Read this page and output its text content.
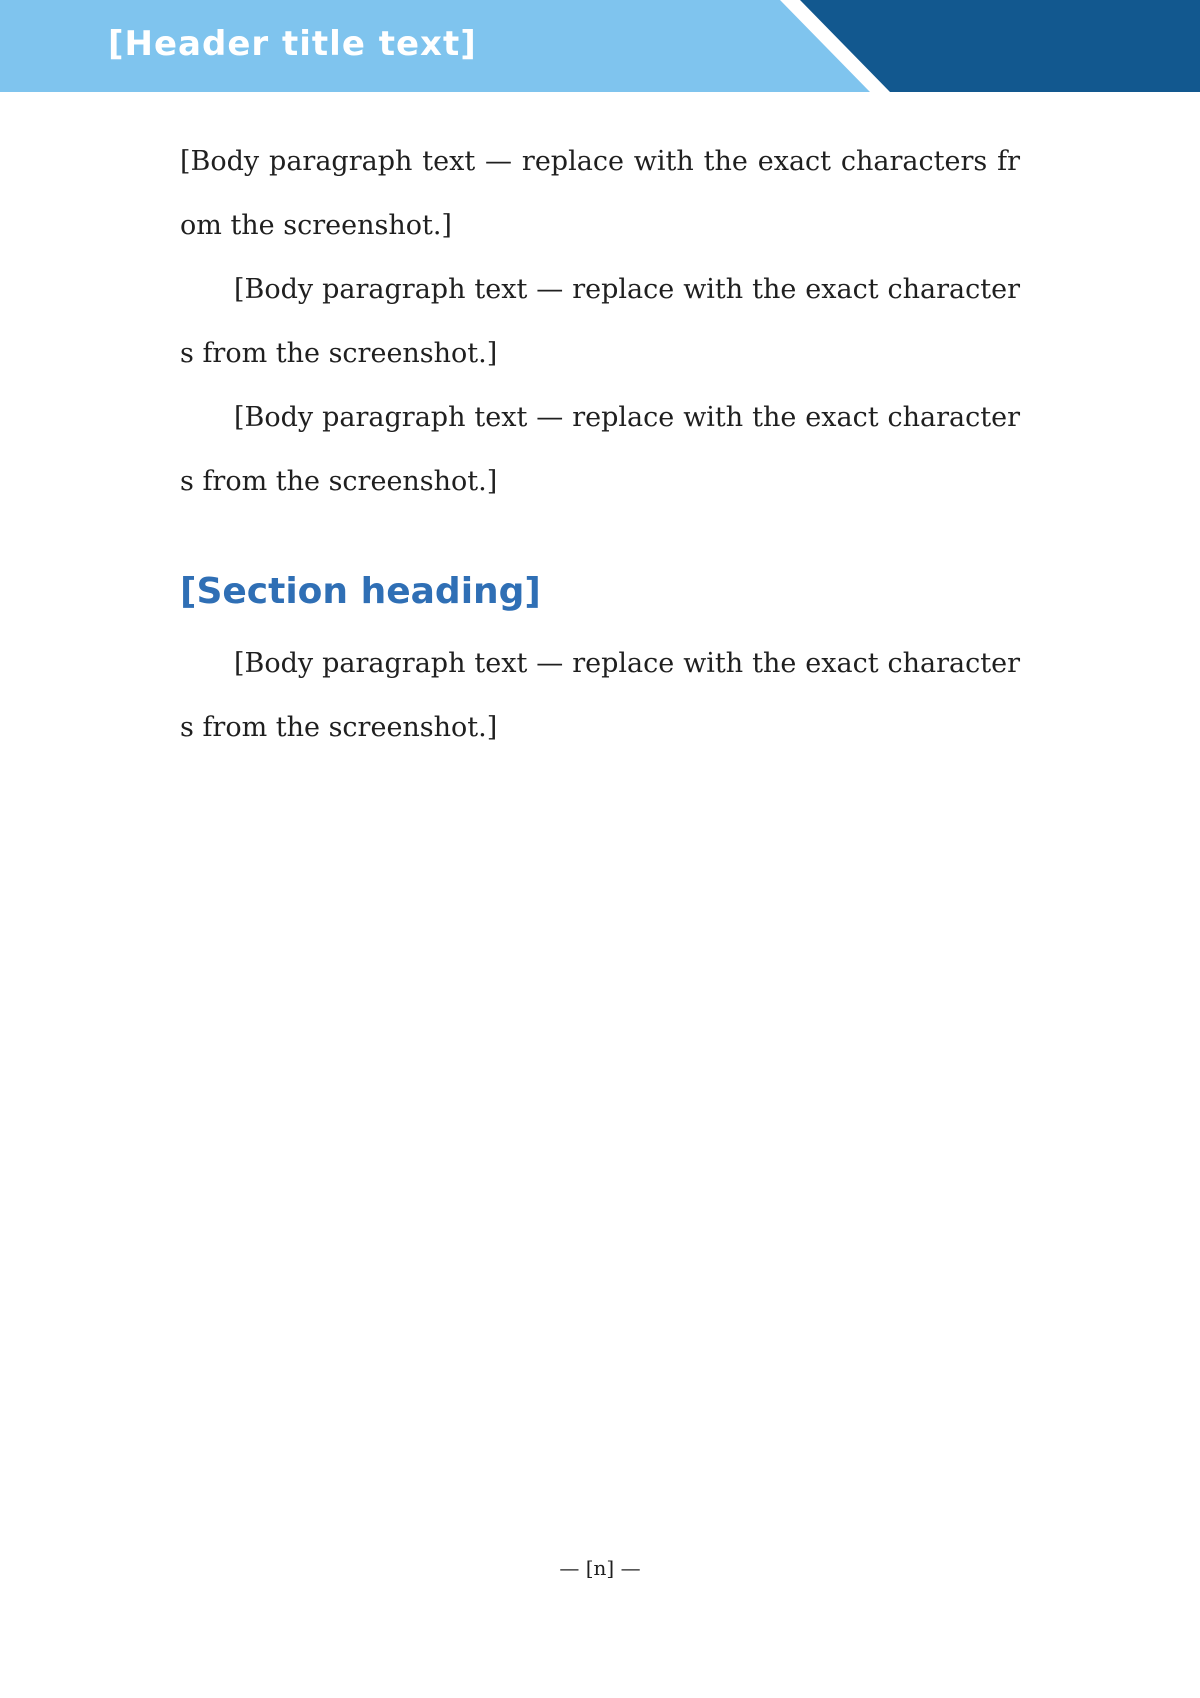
[Header title text]

[Body paragraph text — replace with the exact characters from the screenshot.]

[Body paragraph text — replace with the exact characters from the screenshot.]

[Body paragraph text — replace with the exact characters from the screenshot.]

[Section heading]

[Body paragraph text — replace with the exact characters from the screenshot.]

— [n] —
